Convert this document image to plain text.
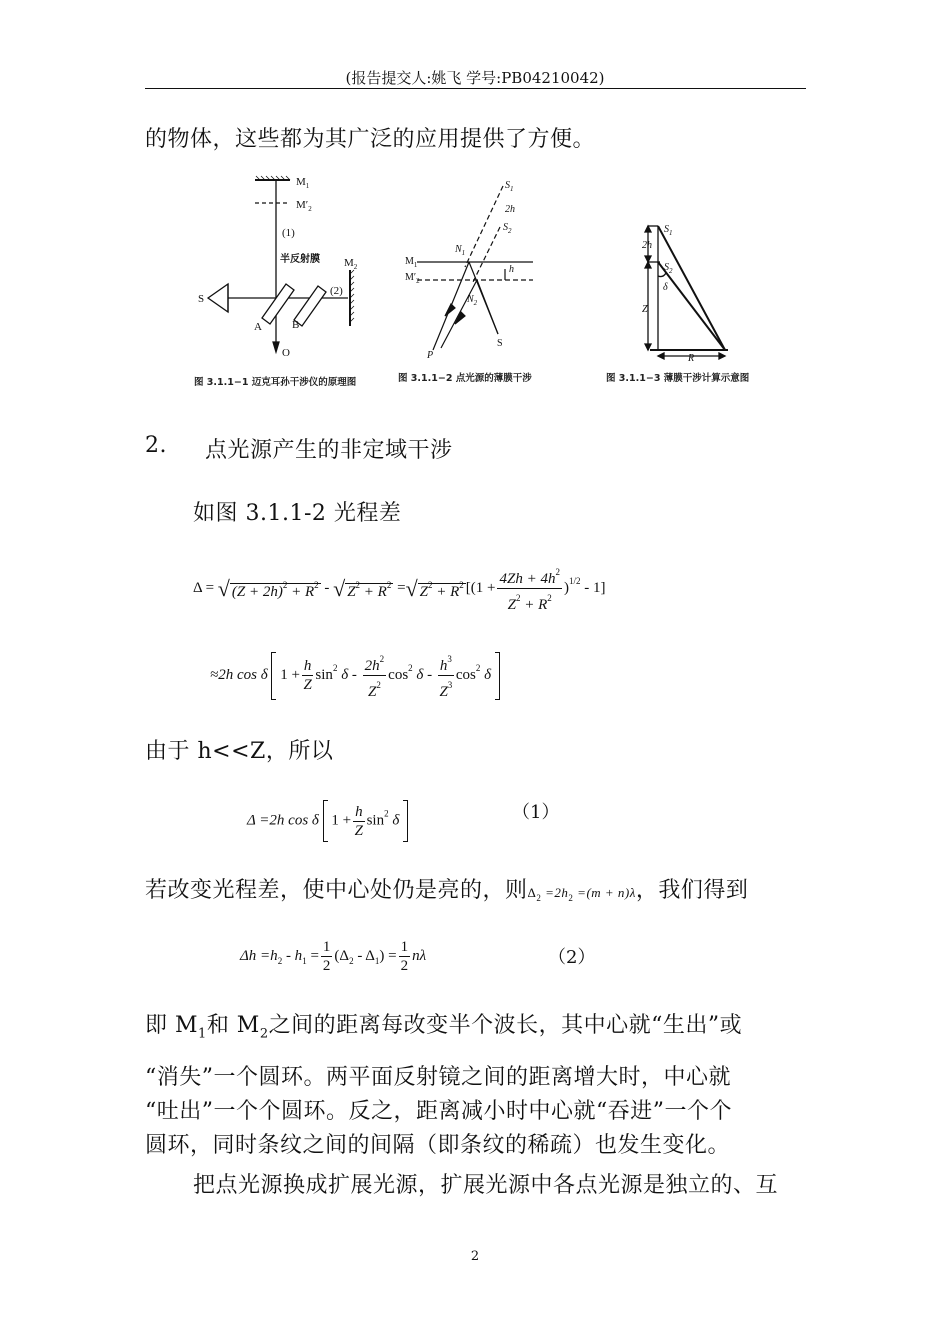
(报告提交人:姚飞 学号:PB04210042)
的物体，这些都为其广泛的应用提供了方便。
$M_1$
$M'_2$
(1)
半反射膜 $M_2$
(2)
S
A	B
O
图 3.1.1−1 迈克耳孙干涉仪的原理图
$S_1$
2h
$S_2$
$N_1$
$M_1$
$M'_2$
h
$N_2$
P
S
图 3.1.1−2 点光源的薄膜干涉
$S_1$
2h
$S_2$
δ
Z
R
图 3.1.1−3 薄膜干涉计算示意图
2. 点光源产生的非定域干涉
如图 3.1.1-2 光程差
Δ = √ $(Z + 2h)^2 + R^2$ - √ $Z^2 + R^2$ =√ $Z^2 + R^2$ $[(1 + \frac{4Zh + 4h^2}{Z^2 + R^2} )^{1/2} - 1]$
≈2h cos δ $1 + \frac{h}{Z} \sin^2 \delta - \frac{2h^2}{Z^2} \cos^2 \delta - \frac{h^3}{Z^3} \cos^2 \delta$
由于 h<<Z，所以
Δ =2h cos δ $1 + \frac{h}{Z} \sin^2 \delta$	（1）
若改变光程差，使中心处仍是亮的，则$\Delta_2 =2h_2 =(m + n)\lambda$，我们得到
$\Delta h =h_2 - h_1 = \frac{1}{2} (\Delta_2 - \Delta_1) = \frac{1}{2}$ nλ	（2）
即 $M_1$和 $M_2$之间的距离每改变半个波长，其中心就“生出”或
“消失”一个圆环。两平面反射镜之间的距离增大时，中心就
“吐出”一个个圆环。反之，距离减小时中心就“吞进”一个个
圆环，同时条纹之间的间隔（即条纹的稀疏）也发生变化。
把点光源换成扩展光源，扩展光源中各点光源是独立的、互
2
